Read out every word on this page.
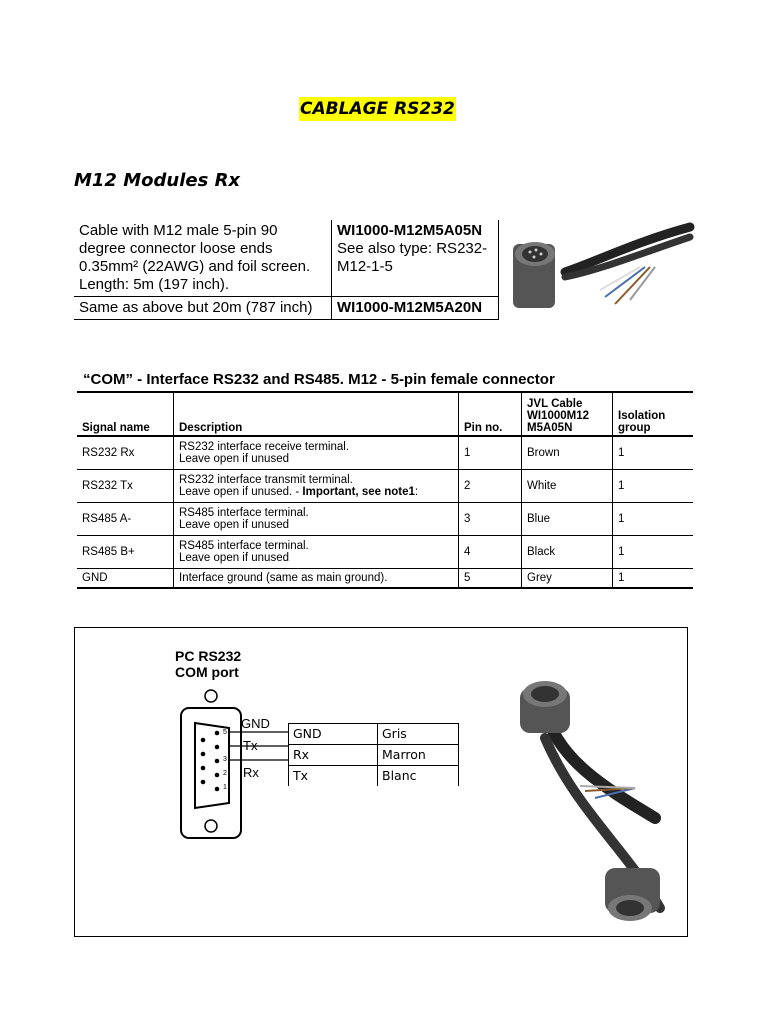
CABLAGE RS232
M12 Modules Rx
Cable with M12 male 5-pin 90 degree connector loose ends 0.35mm² (22AWG) and foil screen. Length: 5m (197 inch).	WI1000-M12M5A05N
See also type: RS232-M12-1-5

Same as above but 20m (787 inch)	WI1000-M12M5A20N
“COM” - Interface RS232 and RS485. M12 - 5-pin female connector
Signal name	Description	Pin no.	JVL Cable WI1000M12 M5A05N	Isolation group
RS232 Rx	RS232 interface receive terminal.
Leave open if unused	1	Brown	1
RS232 Tx	RS232 interface transmit terminal.
Leave open if unused. - Important, see note1:	2	White	1
RS485 A-	RS485 interface terminal.
Leave open if unused	3	Blue	1
RS485 B+	RS485 interface terminal.
Leave open if unused	4	Black	1
GND	Interface ground (same as main ground).	5	Grey	1
PC RS232
COM port
5
3
2
1
GND
Tx
Rx
GND	Gris
Rx	Marron
Tx	Blanc
